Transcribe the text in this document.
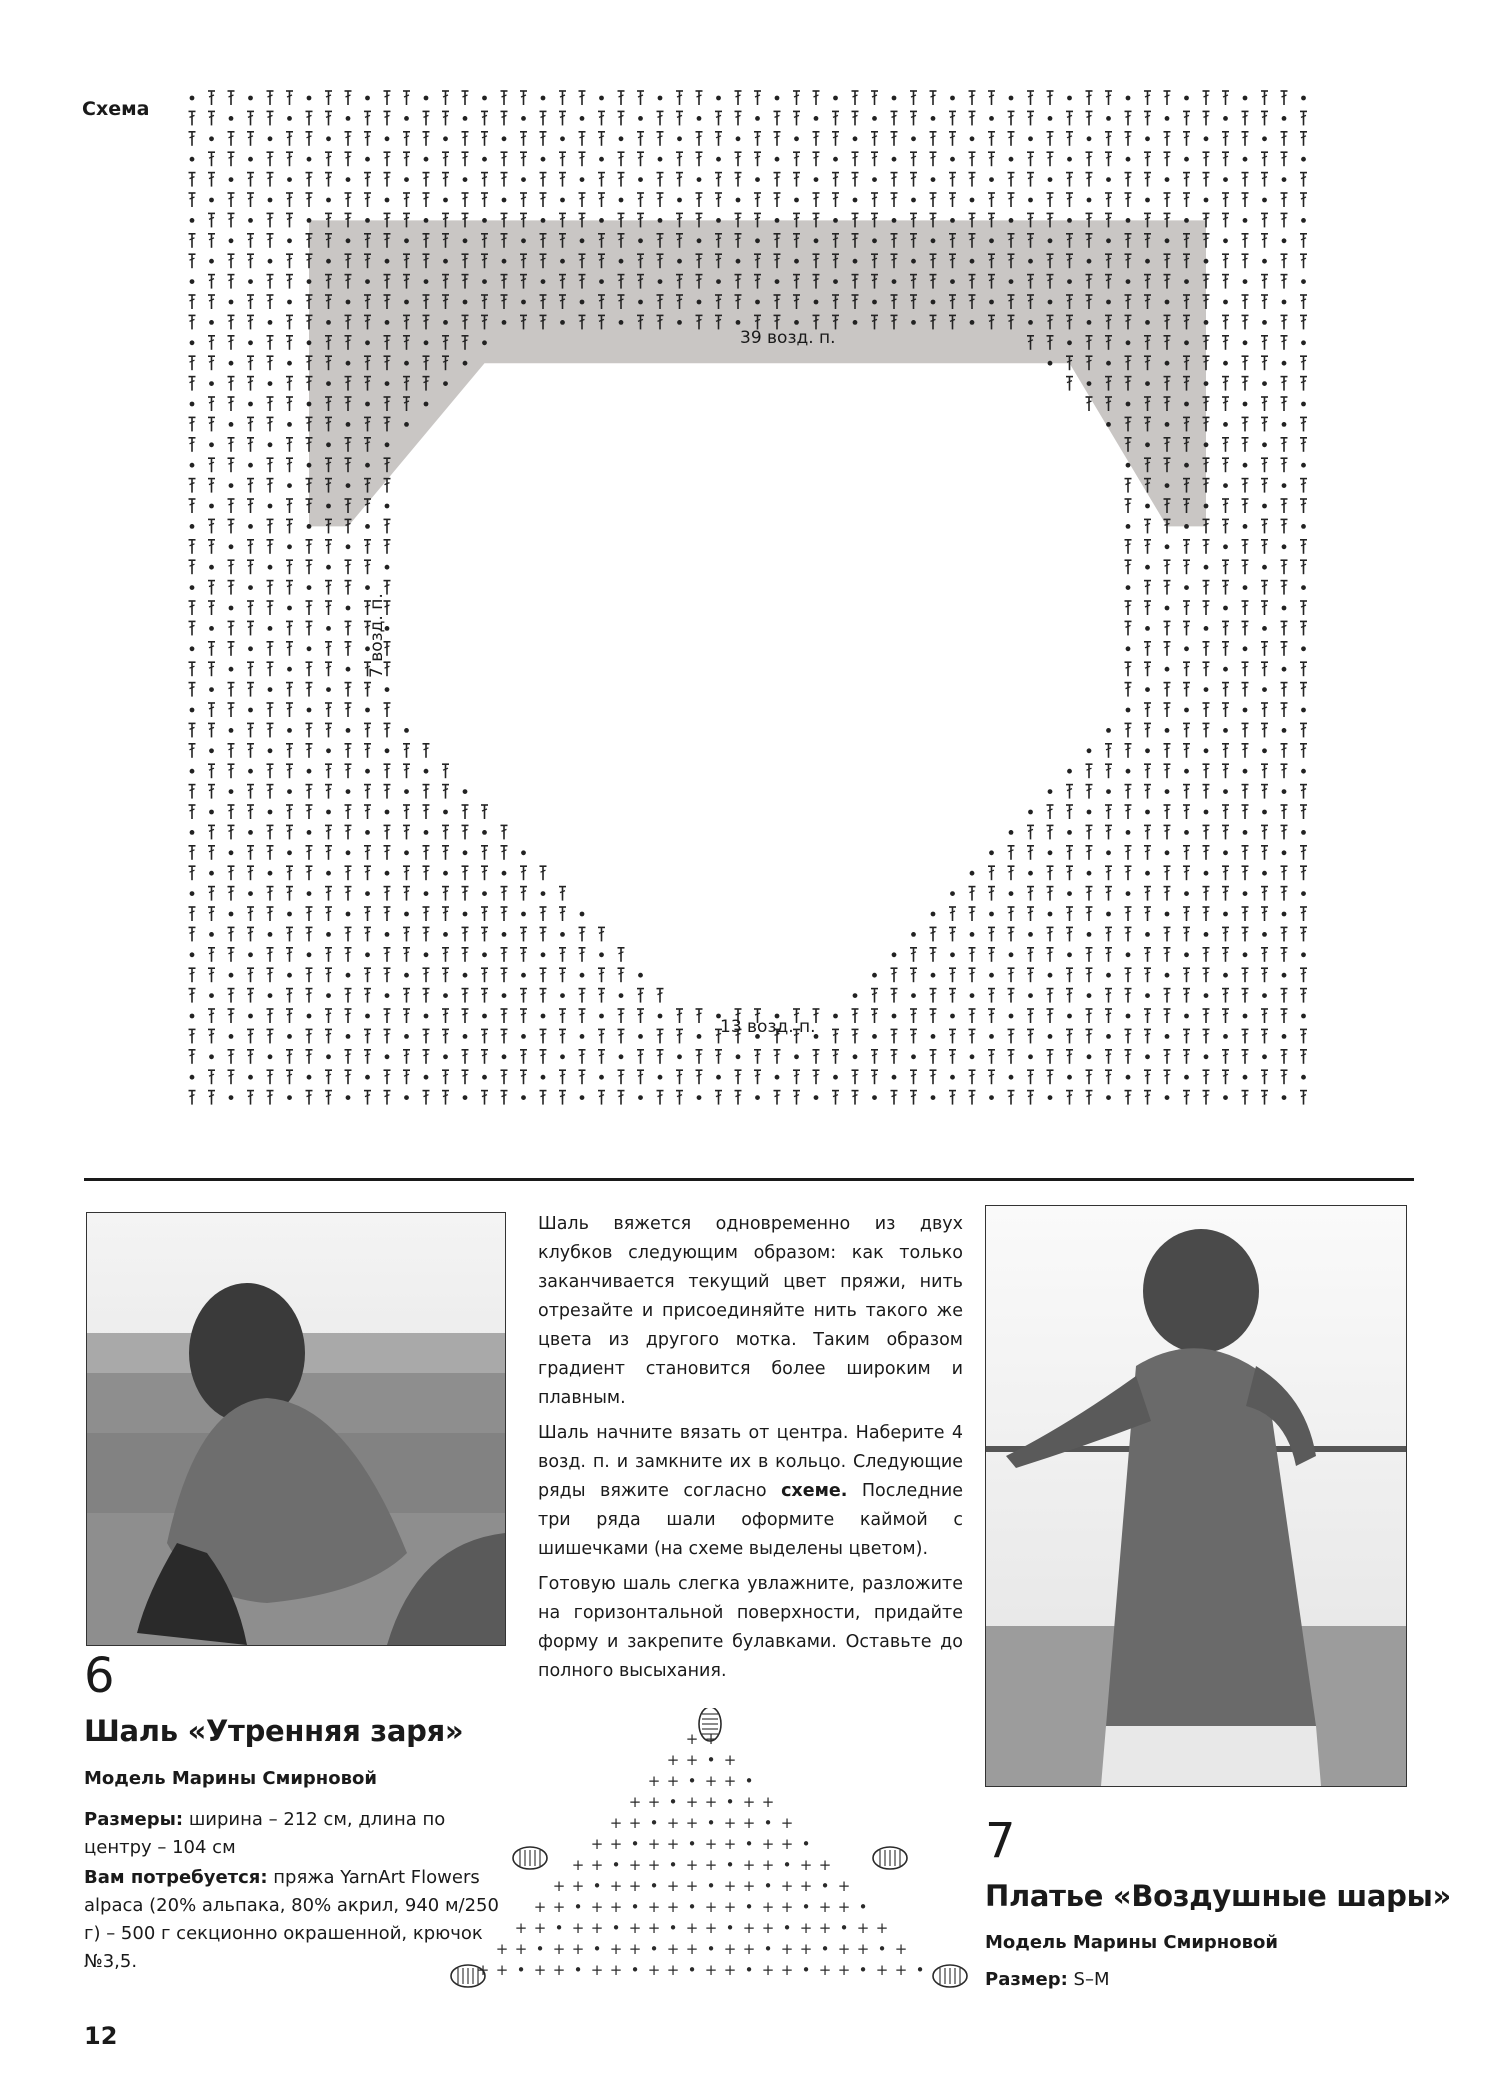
Схема
39 возд. п.
13 возд. п.
7 возд. п.

Шаль вяжется одновременно из двух клубков следующим образом: как только заканчивается текущий цвет пряжи, нить отрезайте и присоединяйте нить такого же цвета из другого мотка. Таким образом градиент становится более широким и плавным.

Шаль начните вязать от центра. Наберите 4 возд. п. и замкните их в кольцо. Следующие ряды вяжите согласно схеме. Последние три ряда шали оформите каймой с шишечками (на схеме выделены цветом).

Готовую шаль слегка увлажните, разложите на горизонтальной поверхности, придайте форму и закрепите булавками. Оставьте до полного высыхания.

6
Шаль «Утренняя заря»
Модель Марины Смирновой
Размеры: ширина – 212 см, длина по центру – 104 см
Вам потребуется: пряжа YarnArt Flowers alpaca (20% альпака, 80% акрил, 940 м/250 г) – 500 г секционно окрашенной, крючок №3,5.
+ +
+ + • +
+ + • + + •
+ + • + + • + +
+ + • + + • + + • +
+ + • + + • + + • + + •
+ + • + + • + + • + + • + +
+ + • + + • + + • + + • + + • +
+ + • + + • + + • + + • + + • + + •
+ + • + + • + + • + + • + + • + + • + +
+ + • + + • + + • + + • + + • + + • + + • +
+ + • + + • + + • + + • + + • + + • + + • + + •
7
Платье «Воздушные шары»
Модель Марины Смирновой
Размер: S–M
12
